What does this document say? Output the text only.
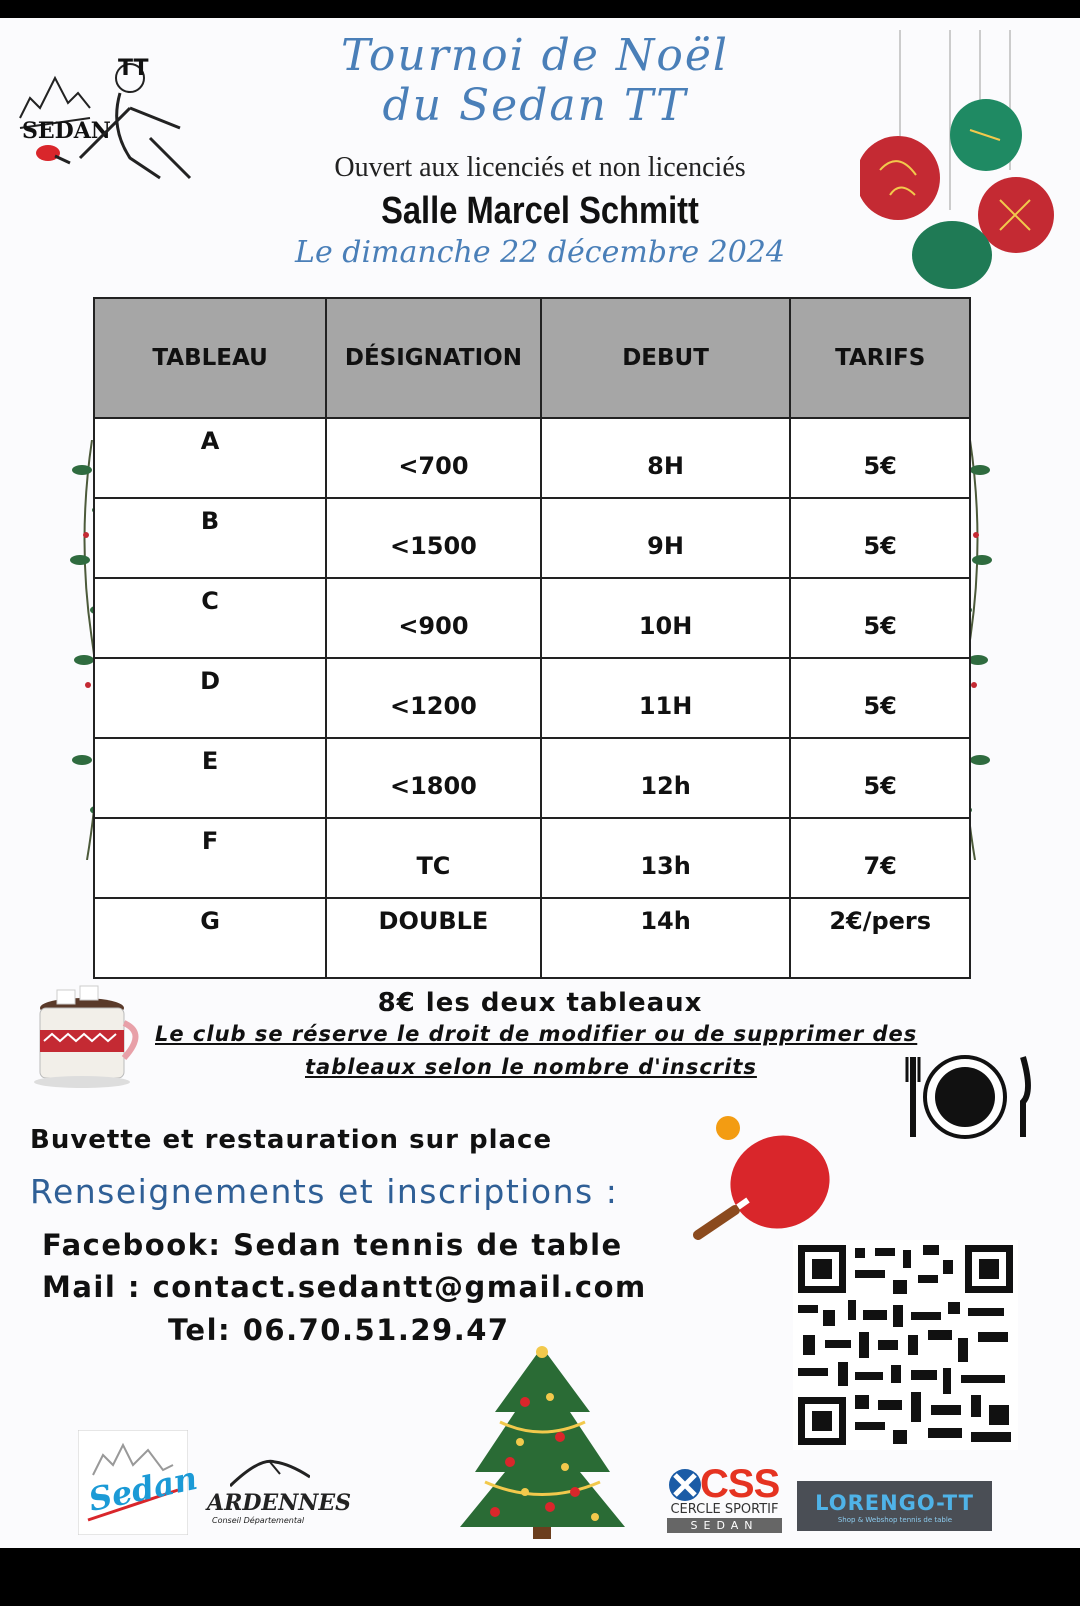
SEDAN
TT	Tournoi de Noël
du Sedan TT
Ouvert aux licenciés et non licenciés
Salle Marcel Schmitt
Le dimanche 22 décembre 2024
TABLEAU	DÉSIGNATION	DEBUT	TARIFS
A	<700	8H	5€
B	<1500	9H	5€
C	<900	10H	5€
D	<1200	11H	5€
E	<1800	12h	5€
F	TC	13h	7€
G	DOUBLE	14h	2€/pers
8€ les deux tableaux
Le club se réserve le droit de modifier ou de supprimer des
tableaux selon le nombre d'inscrits
Buvette et restauration sur place
Renseignements et inscriptions :
Facebook: Sedan tennis de table
Mail : contact.sedantt@gmail.com
Tel: 06.70.51.29.47
Sedan ARDENNES
Conseil Départemental
CSS
CERCLE SPORTIF
SEDAN
LORENGO-TT
Shop & Webshop tennis de table
